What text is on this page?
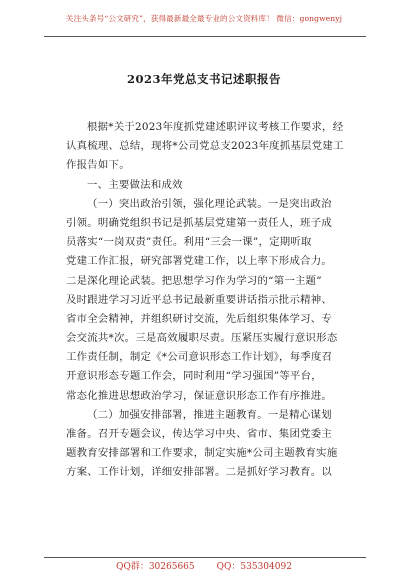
关注头条号“公文研究”，获得最新最全最专业的公文资料库！ 微信：gongwenyj
2023年党总支书记述职报告
根据*关于2023年度抓党建述职评议考核工作要求，经
认真梳理、总结，现将*公司党总支2023年度抓基层党建工
作报告如下。
一、主要做法和成效
（一）突出政治引领，强化理论武装。一是突出政治
引领。明确党组织书记是抓基层党建第一责任人，班子成
员落实“一岗双责”责任。利用“三会一课”，定期听取
党建工作汇报，研究部署党建工作，以上率下形成合力。
二是深化理论武装。把思想学习作为学习的“第一主题”
及时跟进学习习近平总书记最新重要讲话指示批示精神、
省市全会精神，并组织研讨交流，先后组织集体学习、专
会交流共*次。三是高效履职尽责。压紧压实履行意识形态
工作责任制，制定《*公司意识形态工作计划》，每季度召
开意识形态专题工作会，同时利用“学习强国”等平台，
常态化推进思想政治学习，保证意识形态工作有序推进。
（二）加强安排部署，推进主题教育。一是精心谋划
准备。召开专题会议，传达学习中央、省市、集团党委主
题教育安排部署和工作要求，制定实施*公司主题教育实施
方案、工作计划，详细安排部署。二是抓好学习教育。以
QQ群：30265665 QQ：535304092
